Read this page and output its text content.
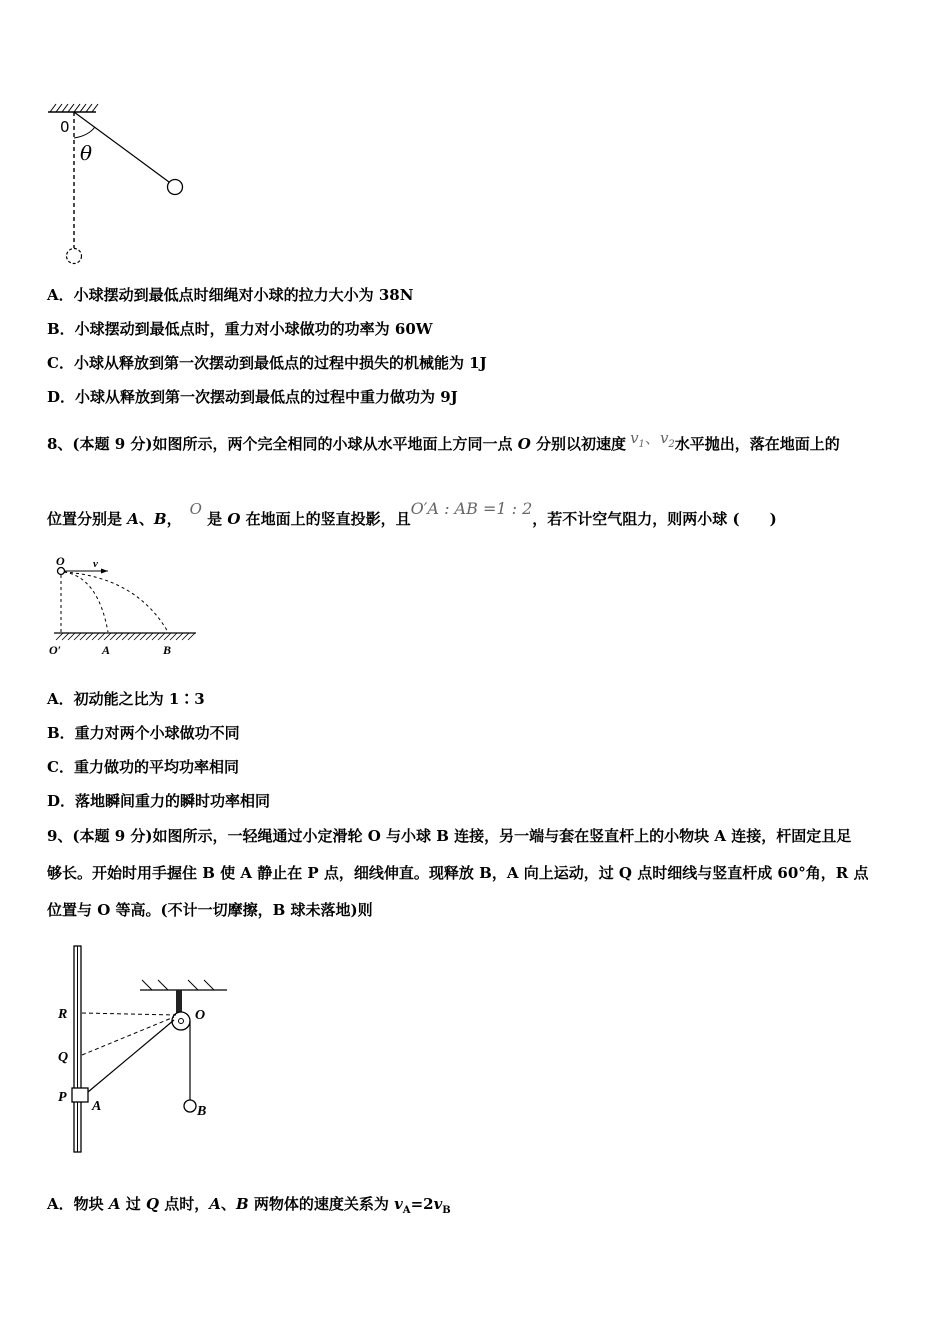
0
θ
A．小球摆动到最低点时细绳对小球的拉力大小为 38N
B．小球摆动到最低点时，重力对小球做功的功率为 60W
C．小球从释放到第一次摆动到最低点的过程中损失的机械能为 1J
D．小球从释放到第一次摆动到最低点的过程中重力做功为 9J
8、(本题 9 分)如图所示，两个完全相同的小球从水平地面上方同一点 O 分别以初速度 $v_1$、$v_2$水平抛出，落在地面上的
位置分别是 A、B，O 是 O 在地面上的竖直投影，且O′A : AB =1 : 2，若不计空气阻力，则两小球 (　　)
O	v
O′	A	B
A．初动能之比为 1∶3
B．重力对两个小球做功不同
C．重力做功的平均功率相同
D．落地瞬间重力的瞬时功率相同
9、(本题 9 分)如图所示，一轻绳通过小定滑轮 O 与小球 B 连接，另一端与套在竖直杆上的小物块 A 连接，杆固定且足
够长。开始时用手握住 B 使 A 静止在 P 点，细线伸直。现释放 B，A 向上运动，过 Q 点时细线与竖直杆成 60°角，R 点
位置与 O 等高。(不计一切摩擦，B 球未落地)则
R
Q
P
A
O
B
A．物块 A 过 Q 点时，A、B 两物体的速度关系为 $v_A=2v_B$
